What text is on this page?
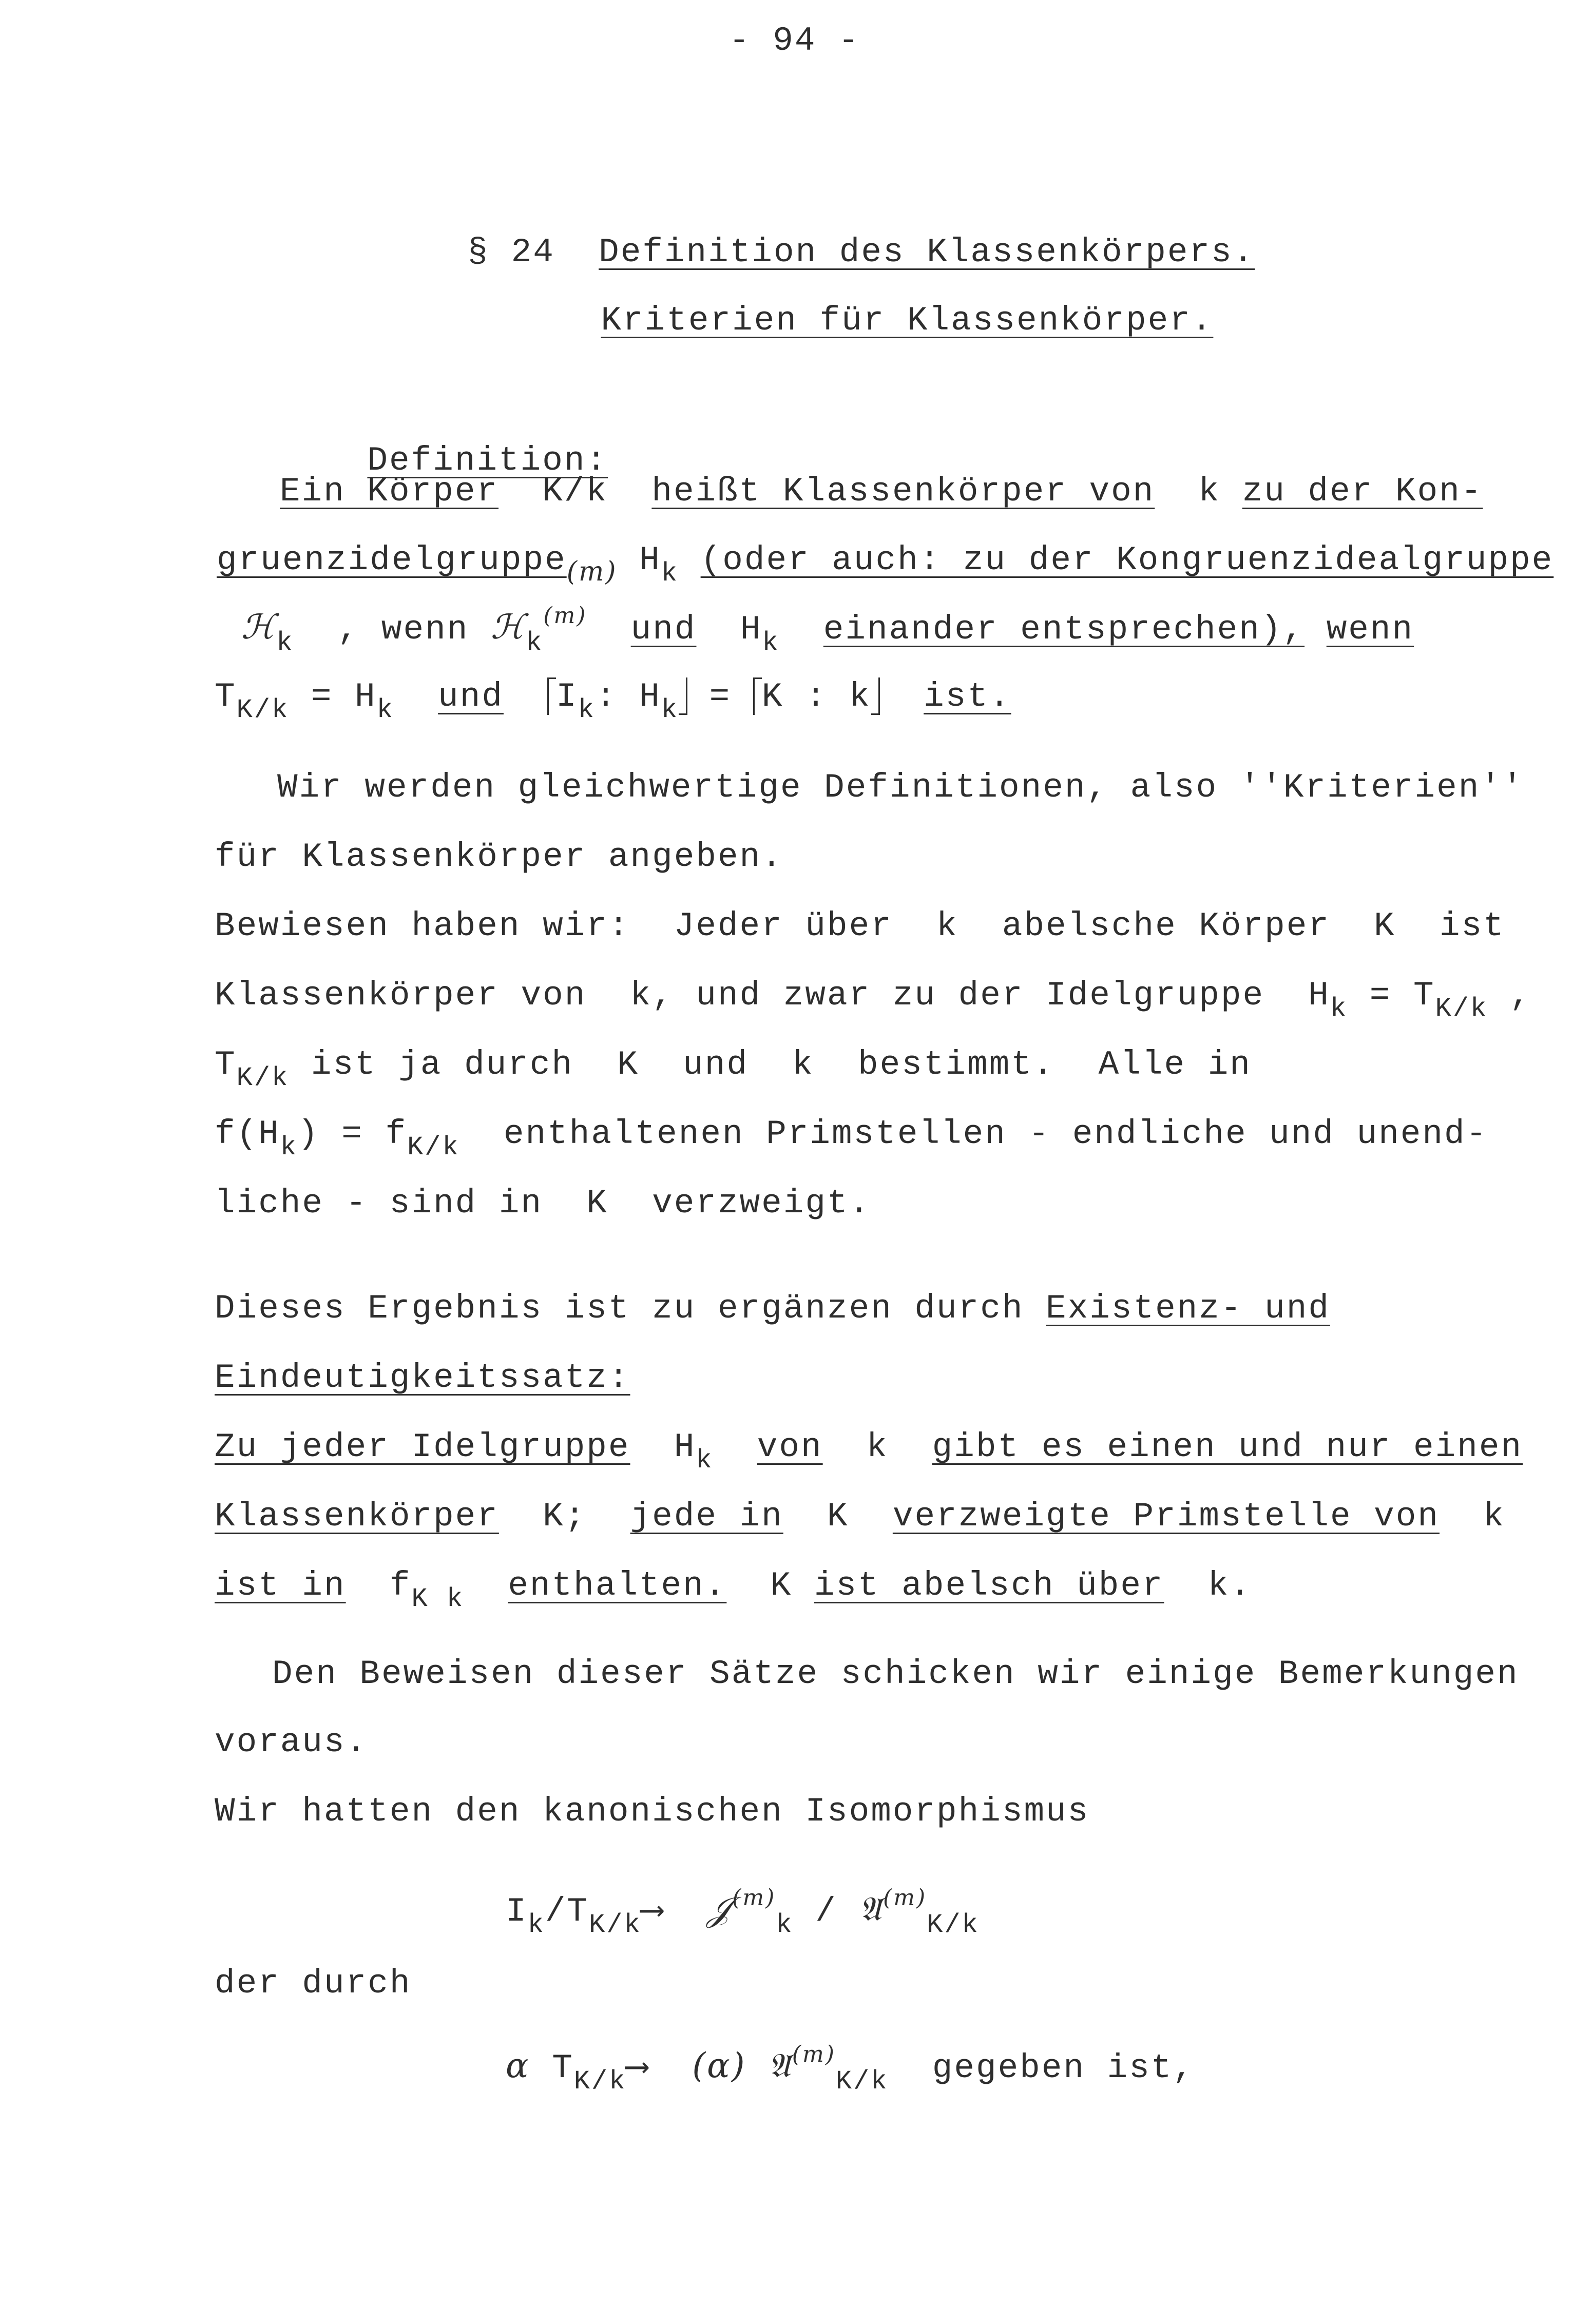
- 94 -

§ 24 Definition des Klassenkörpers.

Kriterien für Klassenkörper.

Definition:

Ein Körper K/k heißt Klassenkörper von k zu der Kon-
gruenzidelgruppe$_{(m)}$ $H_k$ (oder auch: zu der Kongruenzidealgruppe
ℋ$_k$ , wenn ℋ$_k^{(m)}$ und $H_k$ einander entsprechen), wenn
$T_{K/k} = H_k$ und $I_k$: $H_k = K$ : k ist.
Wir werden gleichwertige Definitionen, also ''Kriterien''
für Klassenkörper angeben.
Bewiesen haben wir:  Jeder über  k  abelsche Körper  K  ist
Klassenkörper von  k, und zwar zu der Idelgruppe  $H_k = T_{K/k}$ ,
$T_{K/k}$ ist ja durch  K  und  k  bestimmt.  Alle in
$f(H_k) = f_{K/k}$  enthaltenen Primstellen - endliche und unend-
liche - sind in  K  verzweigt.
Dieses Ergebnis ist zu ergänzen durch Existenz- und
Eindeutigkeitssatz:
Zu jeder Idelgruppe $H_k$ von k gibt es einen und nur einen
Klassenkörper K; jede in K verzweigte Primstelle von k
ist in $f_{K k}$ enthalten. K ist abelsch über k.
Den Beweisen dieser Sätze schicken wir einige Bemerkungen
voraus.
Wir hatten den kanonischen Isomorphismus
$I_k/T_{K/k}⟶$ 𝒥$^{(m)}_k$ / 𝔄$^{(m)}_{K/k}$
der durch
α $T_{K/k}⟶$ (α) 𝔄$^{(m)}_{K/k}$ gegeben ist,
